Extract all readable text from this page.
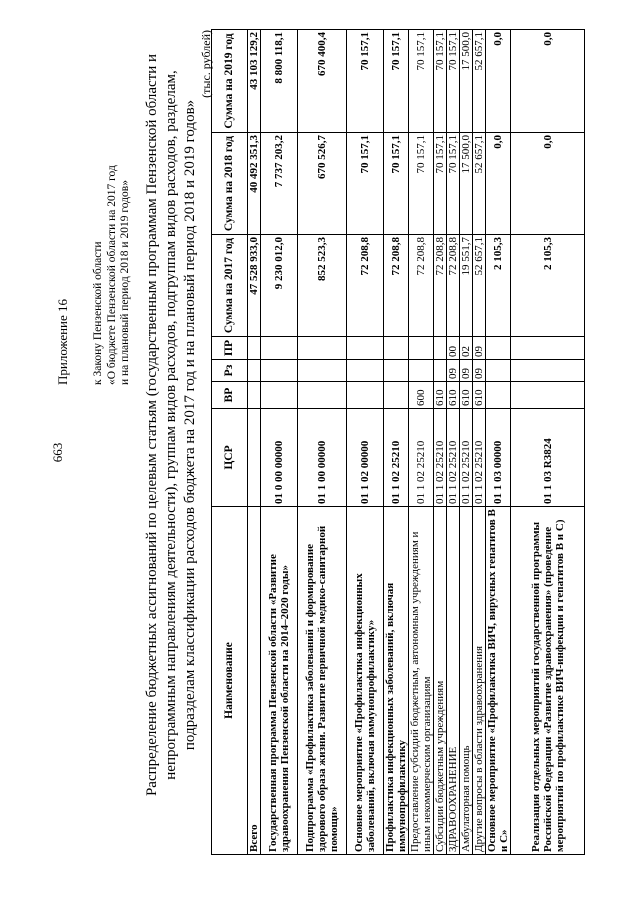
663
Приложение 16 к Закону Пензенской области «О бюджете Пензенской области на 2017 год и на плановый период 2018 и 2019 годов» Распределение бюджетных ассигнований по целевым статьям (государственным программам Пензенской области и непрограммным направлениям деятельности), группам видов расходов, подгруппам видов расходов, разделам, подразделам классификации расходов бюджета на 2017 год и на плановый период 2018 и 2019 годов»
(тыс. рублей)
Наименование	ЦСР	ВР	Рз	ПР	Сумма на 2017 год	Сумма на 2018 год	Сумма на 2019 год
Всего					47 528 933,0	40 492 351,3	43 103 129,2
Государственная программа Пензенской области «Развитие здравоохранения Пензенской области на 2014–2020 годы»	01 0 00 00000				9 230 012,0	7 737 203,2	8 800 118,1
Подпрограмма «Профилактика заболеваний и формирование здорового образа жизни. Развитие первичной медико-санитарной помощи»	01 1 00 00000				852 523,3	670 526,7	670 400,4
Основное мероприятие «Профилактика инфекционных заболеваний, включая иммунопрофилактику»	01 1 02 00000				72 208,8	70 157,1	70 157,1
Профилактика инфекционных заболеваний, включая иммунопрофилактику	01 1 02 25210				72 208,8	70 157,1	70 157,1
Предоставление субсидий бюджетным, автономным учреждениям и иным некоммерческим организациям	01 1 02 25210	600			72 208,8	70 157,1	70 157,1
Субсидии бюджетным учреждениям	01 1 02 25210	610			72 208,8	70 157,1	70 157,1
ЗДРАВООХРАНЕНИЕ	01 1 02 25210	610	09	00	72 208,8	70 157,1	70 157,1
Амбулаторная помощь	01 1 02 25210	610	09	02	19 551,7	17 500,0	17 500,0
Другие вопросы в области здравоохранения	01 1 02 25210	610	09	09	52 657,1	52 657,1	52 657,1
Основное мероприятие «Профилактика ВИЧ, вирусных гепатитов В и С»	01 1 03 00000				2 105,3	0,0	0,0
Реализация отдельных мероприятий государственной программы Российской Федерации «Развитие здравоохранения» (проведение мероприятий по профилактике ВИЧ-инфекции и гепатитов В и С)	01 1 03 R3824				2 105,3	0,0	0,0
